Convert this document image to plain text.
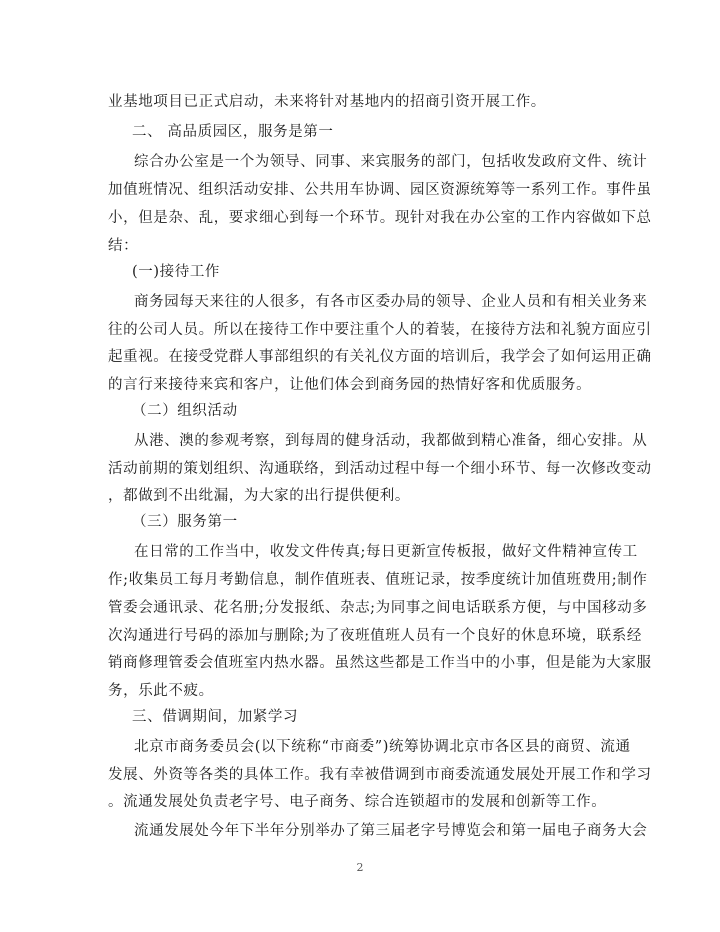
业基地项目已正式启动，未来将针对基地内的招商引资开展工作。
二、 高品质园区，服务是第一
综合办公室是一个为领导、同事、来宾服务的部门，包括收发政府文件、统计
加值班情况、组织活动安排、公共用车协调、园区资源统筹等一系列工作。事件虽
小，但是杂、乱，要求细心到每一个环节。现针对我在办公室的工作内容做如下总
结：
(一)接待工作
商务园每天来往的人很多，有各市区委办局的领导、企业人员和有相关业务来
往的公司人员。所以在接待工作中要注重个人的着装，在接待方法和礼貌方面应引
起重视。在接受党群人事部组织的有关礼仪方面的培训后，我学会了如何运用正确
的言行来接待来宾和客户，让他们体会到商务园的热情好客和优质服务。
（二）组织活动
从港、澳的参观考察，到每周的健身活动，我都做到精心准备，细心安排。从
活动前期的策划组织、沟通联络，到活动过程中每一个细小环节、每一次修改变动
，都做到不出纰漏，为大家的出行提供便利。
（三）服务第一
在日常的工作当中，收发文件传真;每日更新宣传板报，做好文件精神宣传工
作;收集员工每月考勤信息，制作值班表、值班记录，按季度统计加值班费用;制作
管委会通讯录、花名册;分发报纸、杂志;为同事之间电话联系方便，与中国移动多
次沟通进行号码的添加与删除;为了夜班值班人员有一个良好的休息环境，联系经
销商修理管委会值班室内热水器。虽然这些都是工作当中的小事，但是能为大家服
务，乐此不疲。
三、借调期间，加紧学习
北京市商务委员会(以下统称“市商委”)统筹协调北京市各区县的商贸、流通
发展、外资等各类的具体工作。我有幸被借调到市商委流通发展处开展工作和学习
。流通发展处负责老字号、电子商务、综合连锁超市的发展和创新等工作。
流通发展处今年下半年分别举办了第三届老字号博览会和第一届电子商务大会
2
